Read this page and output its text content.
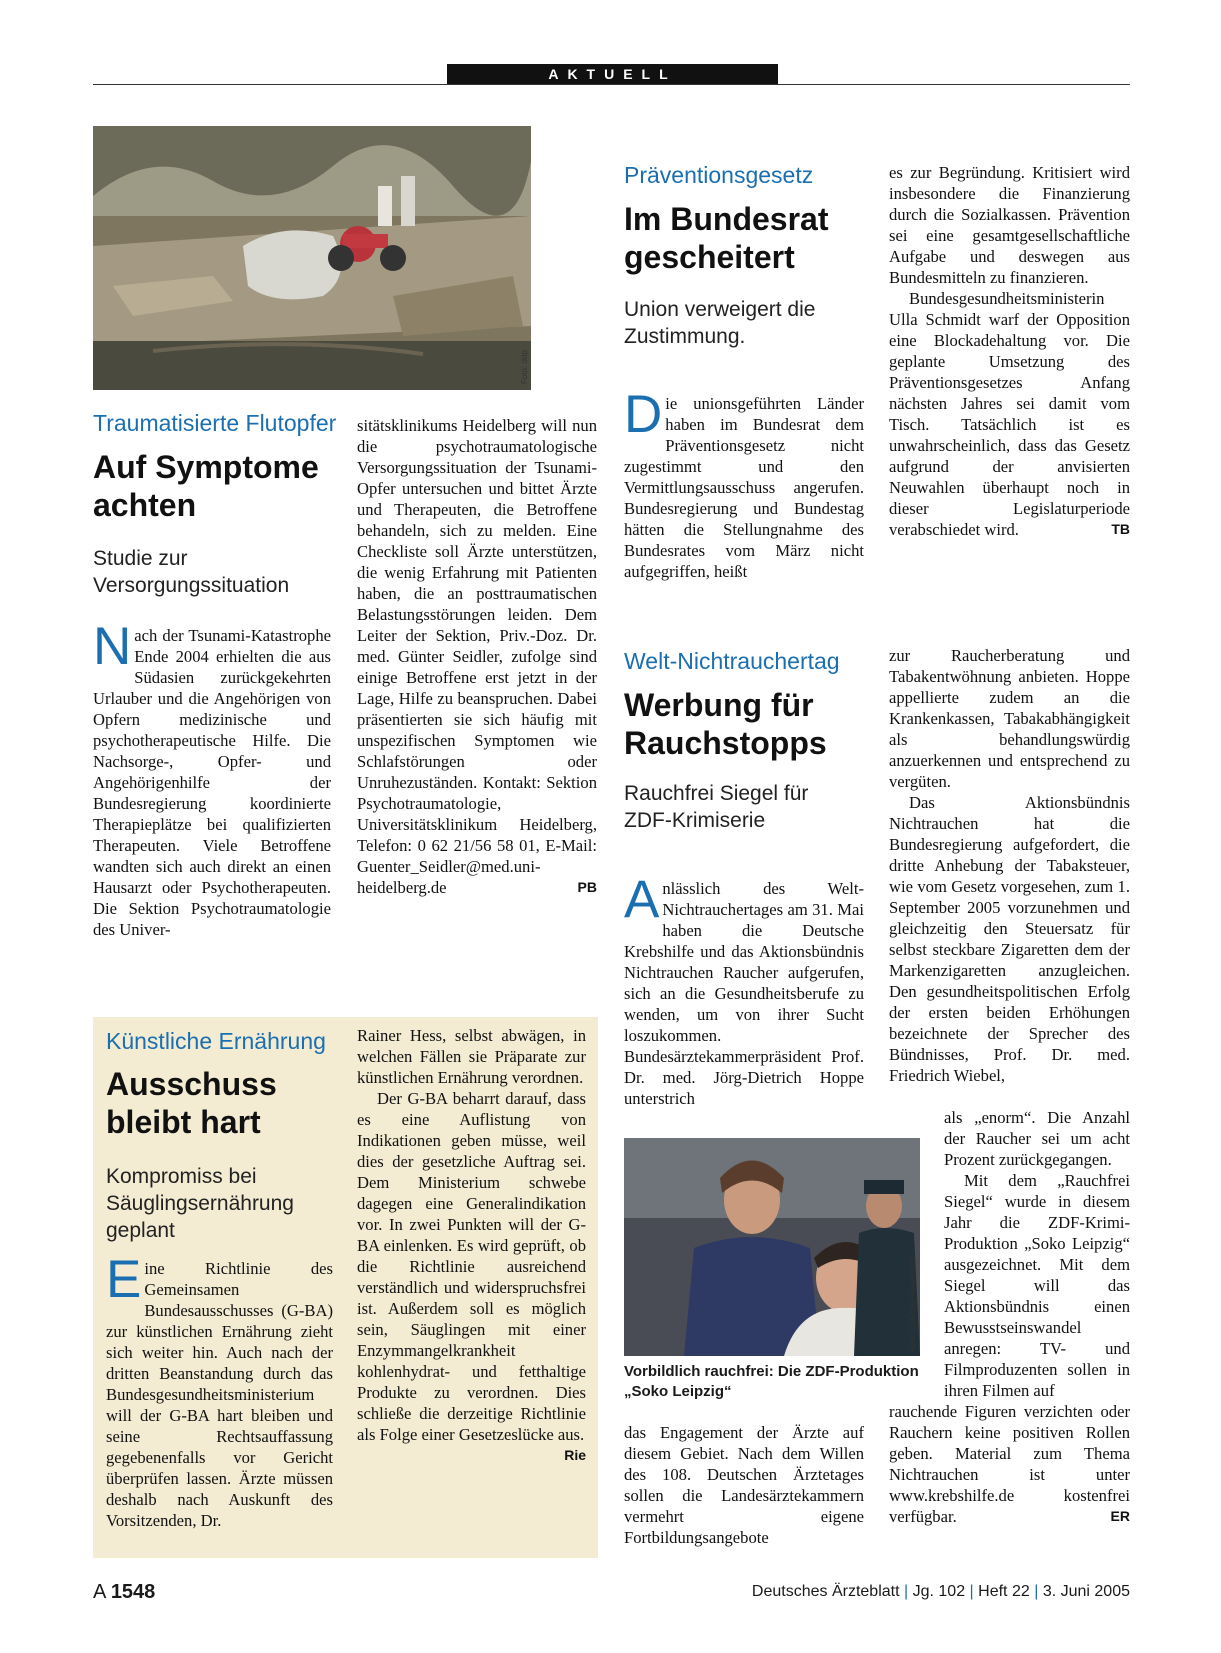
AKTUELL
Foto: ddp
Traumatisierte Flutopfer
Auf Symptome achten
Studie zur Versorgungssituation

Nach der Tsunami-Katastrophe Ende 2004 erhielten die aus Südasien zurückgekehrten Urlauber und die Angehörigen von Opfern medizinische und psychotherapeutische Hilfe. Die Nachsorge-, Opfer- und Angehörigenhilfe der Bundesregierung koordinierte Therapieplätze bei qualifizierten Therapeuten. Viele Betroffene wandten sich auch direkt an einen Hausarzt oder Psychotherapeuten. Die Sektion Psychotraumatologie des Univer-

sitätsklinikums Heidelberg will nun die psychotraumatologische Versorgungssituation der Tsunami-Opfer untersuchen und bittet Ärzte und Therapeuten, die Betroffene behandeln, sich zu melden. Eine Checkliste soll Ärzte unterstützen, die wenig Erfahrung mit Patienten haben, die an posttraumatischen Belastungsstörungen leiden. Dem Leiter der Sektion, Priv.-Doz. Dr. med. Günter Seidler, zufolge sind einige Betroffene erst jetzt in der Lage, Hilfe zu beanspruchen. Dabei präsentierten sie sich häufig mit unspezifischen Symptomen wie Schlafstörungen oder Unruhezuständen. Kontakt: Sektion Psychotraumatologie, Universitätsklinikum Heidelberg, Telefon: 0 62 21/56 58 01, E-Mail: Guenter_Seidler@med.uni-heidelberg.de	PB

Künstliche Ernährung
Ausschuss bleibt hart
Kompromiss bei Säuglingsernährung geplant

Eine Richtlinie des Gemeinsamen Bundesausschusses (G-BA) zur künstlichen Ernährung zieht sich weiter hin. Auch nach der dritten Beanstandung durch das Bundesgesundheitsministerium will der G-BA hart bleiben und seine Rechtsauffassung gegebenenfalls vor Gericht überprüfen lassen. Ärzte müssen deshalb nach Auskunft des Vorsitzenden, Dr.

Rainer Hess, selbst abwägen, in welchen Fällen sie Präparate zur künstlichen Ernährung verordnen.

Der G-BA beharrt darauf, dass es eine Auflistung von Indikationen geben müsse, weil dies der gesetzliche Auftrag sei. Dem Ministerium schwebe dagegen eine Generalindikation vor. In zwei Punkten will der G-BA einlenken. Es wird geprüft, ob die Richtlinie ausreichend verständlich und widerspruchsfrei ist. Außerdem soll es möglich sein, Säuglingen mit einer Enzymmangelkrankheit kohlenhydrat- und fetthaltige Produkte zu verordnen. Dies schließe die derzeitige Richtlinie als Folge einer Gesetzeslücke aus.
Rie

Präventionsgesetz
Im Bundesrat gescheitert
Union verweigert die Zustimmung.

Die unionsgeführten Länder haben im Bundesrat dem Präventionsgesetz nicht zugestimmt und den Vermittlungsausschuss angerufen. Bundesregierung und Bundestag hätten die Stellungnahme des Bundesrates vom März nicht aufgegriffen, heißt

es zur Begründung. Kritisiert wird insbesondere die Finanzierung durch die Sozialkassen. Prävention sei eine gesamtgesellschaftliche Aufgabe und deswegen aus Bundesmitteln zu finanzieren.

Bundesgesundheitsministerin Ulla Schmidt warf der Opposition eine Blockadehaltung vor. Die geplante Umsetzung des Präventionsgesetzes Anfang nächsten Jahres sei damit vom Tisch. Tatsächlich ist es unwahrscheinlich, dass das Gesetz aufgrund der anvisierten Neuwahlen überhaupt noch in dieser Legislaturperiode verabschiedet wird.	TB

Welt-Nichtrauchertag
Werbung für Rauchstopps
Rauchfrei Siegel für ZDF-Krimiserie

Anlässlich des Welt-Nichtrauchertages am 31. Mai haben die Deutsche Krebshilfe und das Aktionsbündnis Nichtrauchen Raucher aufgerufen, sich an die Gesundheitsberufe zu wenden, um von ihrer Sucht loszukommen. Bundesärztekammerpräsident Prof. Dr. med. Jörg-Dietrich Hoppe unterstrich

Foto: ZDF/Uwe Frauendorf
Vorbildlich rauchfrei: Die ZDF-Produktion „Soko Leipzig“

das Engagement der Ärzte auf diesem Gebiet. Nach dem Willen des 108. Deutschen Ärztetages sollen die Landesärztekammern vermehrt eigene Fortbildungsangebote

zur Raucherberatung und Tabakentwöhnung anbieten. Hoppe appellierte zudem an die Krankenkassen, Tabakabhängigkeit als behandlungswürdig anzuerkennen und entsprechend zu vergüten.

Das Aktionsbündnis Nichtrauchen hat die Bundesregierung aufgefordert, die dritte Anhebung der Tabaksteuer, wie vom Gesetz vorgesehen, zum 1. September 2005 vorzunehmen und gleichzeitig den Steuersatz für selbst steckbare Zigaretten dem der Markenzigaretten anzugleichen. Den gesundheitspolitischen Erfolg der ersten beiden Erhöhungen bezeichnete der Sprecher des Bündnisses, Prof. Dr. med. Friedrich Wiebel,

als „enorm“. Die Anzahl der Raucher sei um acht Prozent zurückgegangen.

Mit dem „Rauchfrei Siegel“ wurde in diesem Jahr die ZDF-Krimi-Produktion „Soko Leipzig“ ausgezeichnet. Mit dem Siegel will das Aktionsbündnis einen Bewusstseinswandel anregen: TV- und Filmproduzenten sollen in ihren Filmen auf

rauchende Figuren verzichten oder Rauchern keine positiven Rollen geben. Material zum Thema Nichtrauchen ist unter www.krebshilfe.de kostenfrei verfügbar.	ER

A 1548	Deutsches Ärzteblatt | Jg. 102 | Heft 22 | 3. Juni 2005
